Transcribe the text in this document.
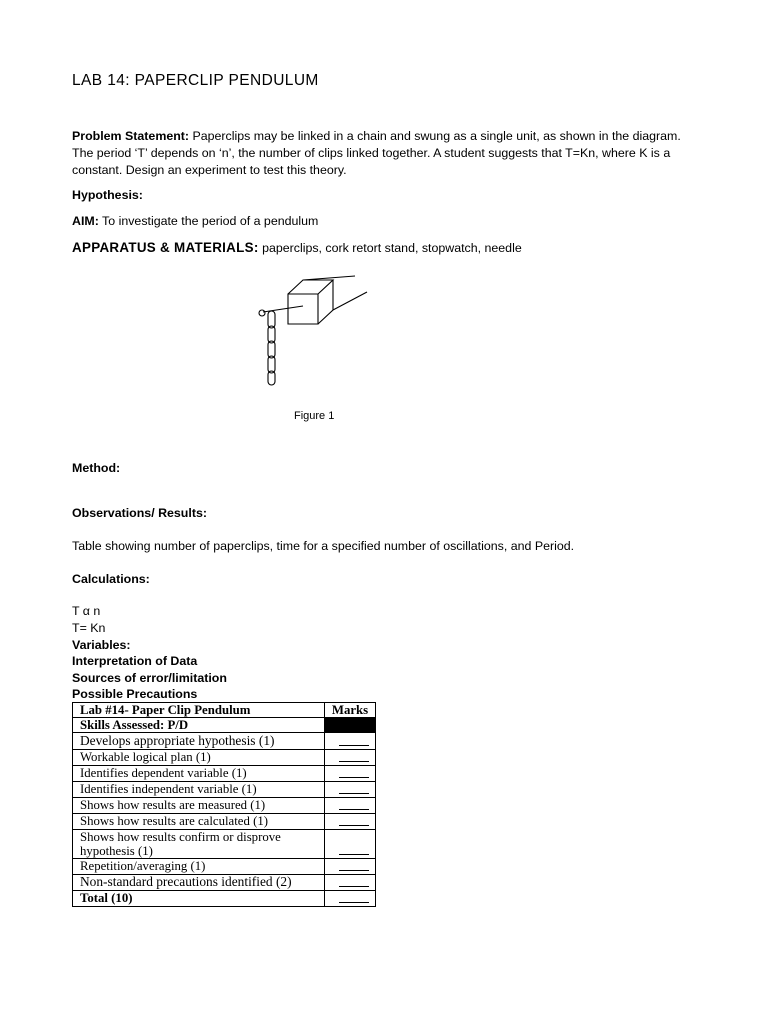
LAB 14: PAPERCLIP PENDULUM
Problem Statement: Paperclips may be linked in a chain and swung as a single unit, as shown in the diagram. The period ‘T’ depends on ‘n’, the number of clips linked together. A student suggests that T=Kn, where K is a constant. Design an experiment to test this theory.
Hypothesis:
AIM: To investigate the period of a pendulum
APPARATUS & MATERIALS: paperclips, cork retort stand, stopwatch, needle
Figure 1
Method:
Observations/ Results:
Table showing number of paperclips, time for a specified number of oscillations, and Period.
Calculations:
T α n
T= Kn
Variables:
Interpretation of Data
Sources of error/limitation
Possible Precautions
Lab #14- Paper Clip Pendulum	Marks
Skills Assessed: P/D	
Develops appropriate hypothesis (1)	
Workable logical plan (1)	
Identifies dependent variable (1)	
Identifies independent variable (1)	
Shows how results are measured (1)	
Shows how results are calculated (1)	
Shows how results confirm or disprove hypothesis (1)	
Repetition/averaging (1)	
Non-standard precautions identified (2)	
Total (10)	
